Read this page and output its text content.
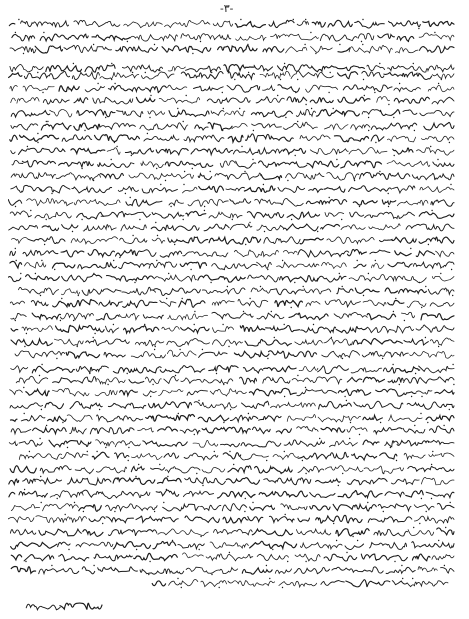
-٣-
